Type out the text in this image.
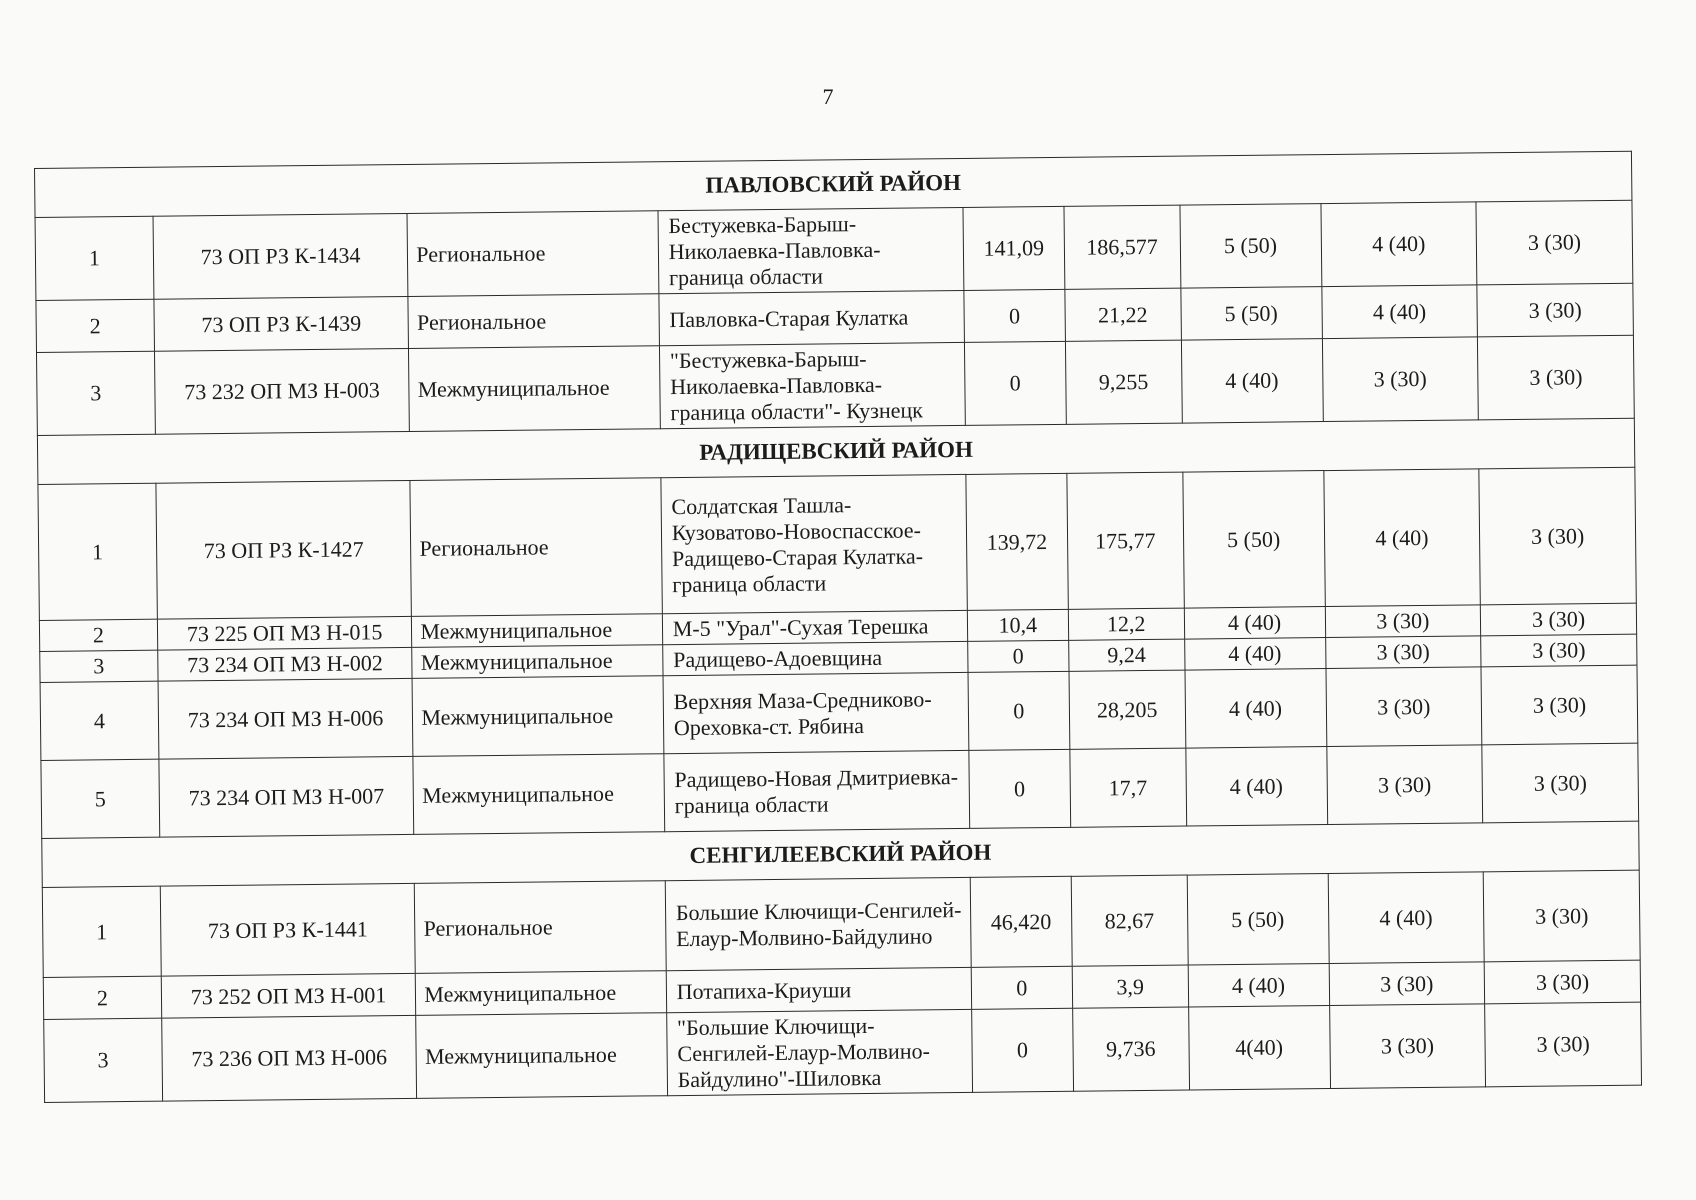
7
ПАВЛОВСКИЙ РАЙОН								
1	73 ОП РЗ К-1434	Региональное	Бестужевка-Барыш-Николаевка-Павловка-граница области	141,09	186,577	5 (50)	4 (40)	3 (30)
2	73 ОП РЗ К-1439	Региональное	Павловка-Старая Кулатка	0	21,22	5 (50)	4 (40)	3 (30)
3	73 232 ОП МЗ Н-003	Межмуниципальное	"Бестужевка-Барыш-Николаевка-Павловка-граница области"- Кузнецк	0	9,255	4 (40)	3 (30)	3 (30)
РАДИЩЕВСКИЙ РАЙОН								
1	73 ОП РЗ К-1427	Региональное	Солдатская Ташла-Кузоватово-Новоспасское-Радищево-Старая Кулатка-граница области	139,72	175,77	5 (50)	4 (40)	3 (30)
2	73 225 ОП МЗ Н-015	Межмуниципальное	М-5 "Урал"-Сухая Терешка	10,4	12,2	4 (40)	3 (30)	3 (30)
3	73 234 ОП МЗ Н-002	Межмуниципальное	Радищево-Адоевщина	0	9,24	4 (40)	3 (30)	3 (30)
4	73 234 ОП МЗ Н-006	Межмуниципальное	Верхняя Маза-Средниково-Ореховка-ст. Рябина	0	28,205	4 (40)	3 (30)	3 (30)
5	73 234 ОП МЗ Н-007	Межмуниципальное	Радищево-Новая Дмитриевка-граница области	0	17,7	4 (40)	3 (30)	3 (30)
СЕНГИЛЕЕВСКИЙ РАЙОН								
1	73 ОП РЗ К-1441	Региональное	Большие Ключищи-Сенгилей-Елаур-Молвино-Байдулино	46,420	82,67	5 (50)	4 (40)	3 (30)
2	73 252 ОП МЗ Н-001	Межмуниципальное	Потапиха-Криуши	0	3,9	4 (40)	3 (30)	3 (30)
3	73 236 ОП МЗ Н-006	Межмуниципальное	"Большие Ключищи-Сенгилей-Елаур-Молвино-Байдулино"-Шиловка	0	9,736	4(40)	3 (30)	3 (30)
